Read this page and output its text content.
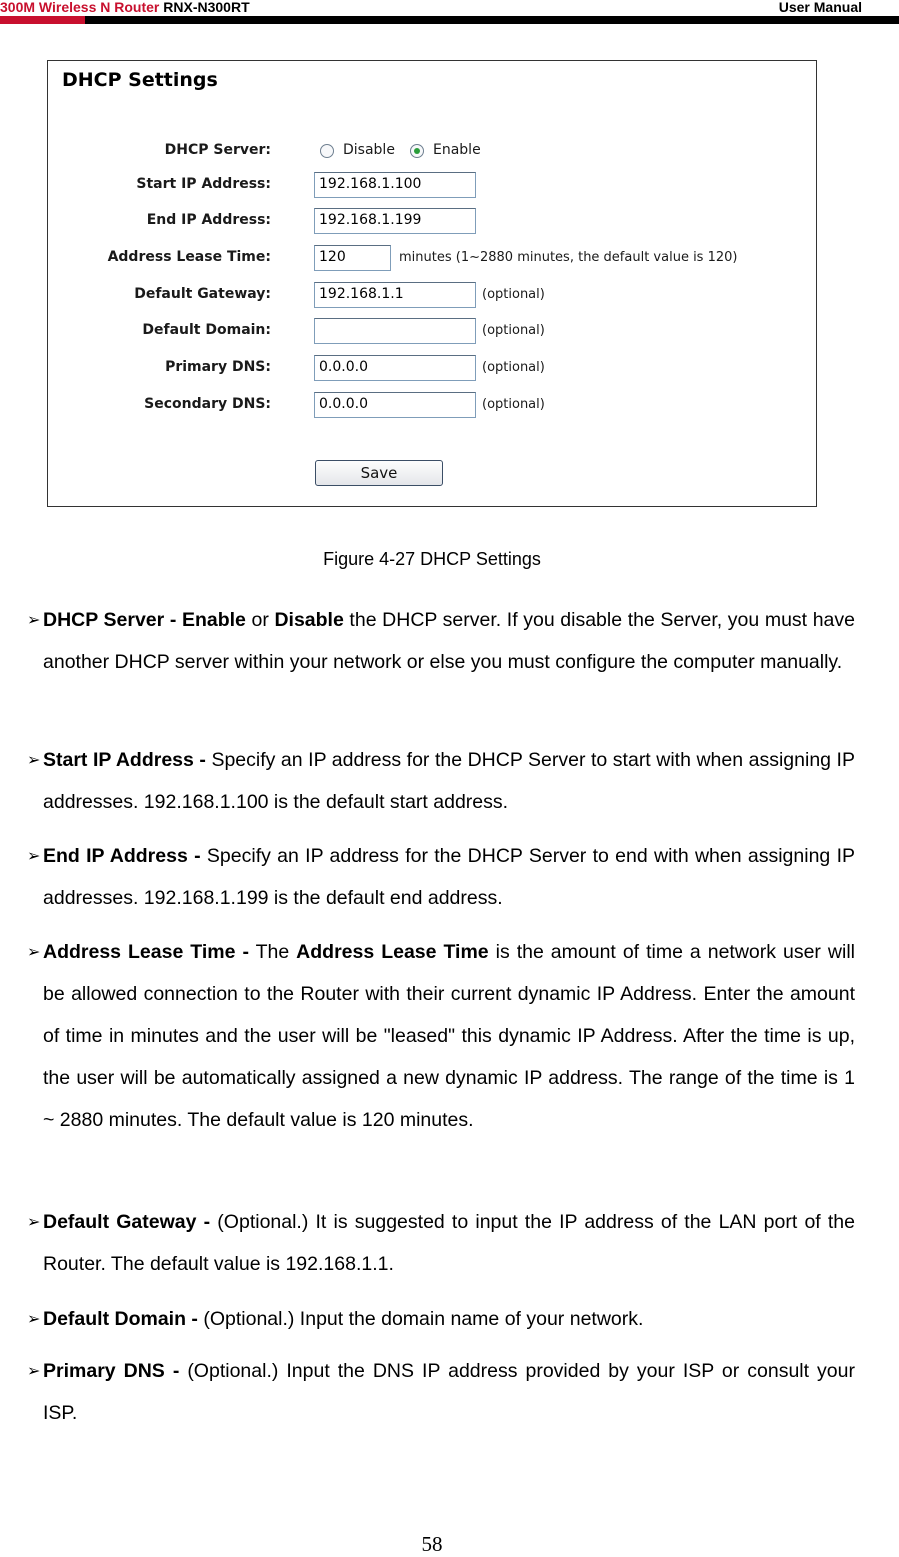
300M Wireless N Router RNX-N300RT	User Manual
DHCP Settings
DHCP Server:	Disable	Enable
Start IP Address:	192.168.1.100
End IP Address:	192.168.1.199
Address Lease Time:	120	minutes (1~2880 minutes, the default value is 120)
Default Gateway:	192.168.1.1	(optional)
Default Domain:	(optional)
Primary DNS:	0.0.0.0	(optional)
Secondary DNS:	0.0.0.0	(optional)
Save
Figure 4-27 DHCP Settings
➢ DHCP Server - Enable or Disable the DHCP server. If you disable the Server, you must have another DHCP server within your network or else you must configure the computer manually.

➢ Start IP Address - Specify an IP address for the DHCP Server to start with when assigning IP addresses. 192.168.1.100 is the default start address.

➢ End IP Address - Specify an IP address for the DHCP Server to end with when assigning IP addresses. 192.168.1.199 is the default end address.

➢ Address Lease Time - The Address Lease Time is the amount of time a network user will be allowed connection to the Router with their current dynamic IP Address. Enter the amount of time in minutes and the user will be "leased" this dynamic IP Address. After the time is up, the user will be automatically assigned a new dynamic IP address. The range of the time is 1 ~ 2880 minutes. The default value is 120 minutes.

➢ Default Gateway - (Optional.) It is suggested to input the IP address of the LAN port of the Router. The default value is 192.168.1.1.

➢ Default Domain - (Optional.) Input the domain name of your network.

➢ Primary DNS - (Optional.) Input the DNS IP address provided by your ISP or consult your ISP.

58
